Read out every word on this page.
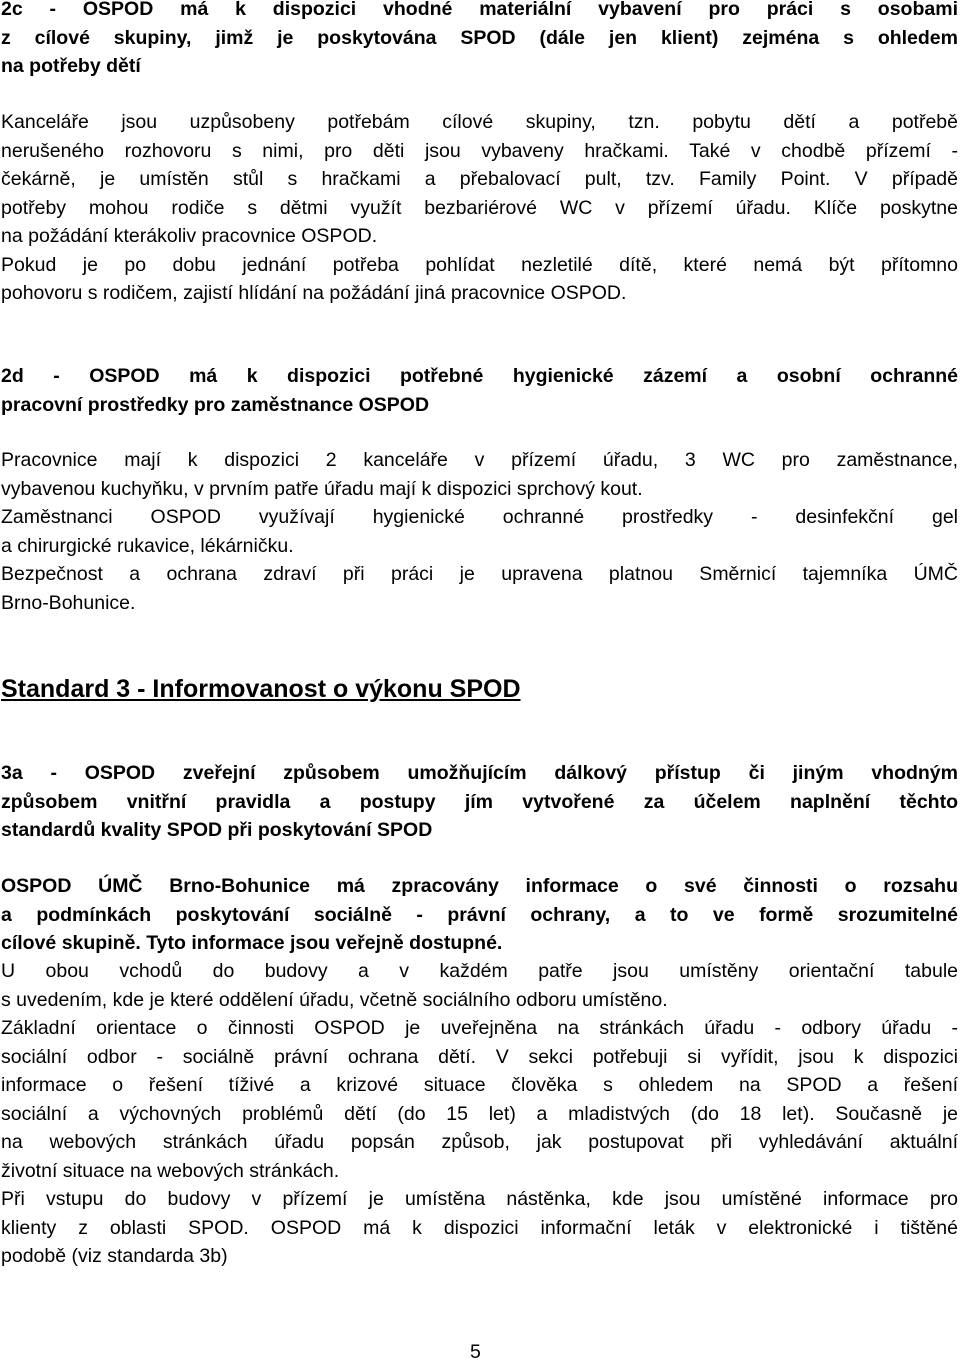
2c - OSPOD má k dispozici vhodné materiální vybavení pro práci s osobami
z cílové skupiny, jimž je poskytována SPOD (dále jen klient) zejména s ohledem
na potřeby dětí
Kanceláře jsou uzpůsobeny potřebám cílové skupiny, tzn. pobytu dětí a potřebě
nerušeného rozhovoru s nimi, pro děti jsou vybaveny hračkami. Také v chodbě přízemí -
čekárně, je umístěn stůl s hračkami a přebalovací pult, tzv. Family Point. V případě
potřeby mohou rodiče s dětmi využít bezbariérové WC v přízemí úřadu. Klíče poskytne
na požádání kterákoliv pracovnice OSPOD.
Pokud je po dobu jednání potřeba pohlídat nezletilé dítě, které nemá být přítomno
pohovoru s rodičem, zajistí hlídání na požádání jiná pracovnice OSPOD.
2d - OSPOD má k dispozici potřebné hygienické zázemí a osobní ochranné
pracovní prostředky pro zaměstnance OSPOD
Pracovnice mají k dispozici 2 kanceláře v přízemí úřadu, 3 WC pro zaměstnance,
vybavenou kuchyňku, v prvním patře úřadu mají k dispozici sprchový kout.
Zaměstnanci OSPOD využívají hygienické ochranné prostředky - desinfekční gel
a chirurgické rukavice, lékárničku.
Bezpečnost a ochrana zdraví při práci je upravena platnou Směrnicí tajemníka ÚMČ
Brno-Bohunice.
Standard 3 - Informovanost o výkonu SPOD
3a - OSPOD zveřejní způsobem umožňujícím dálkový přístup či jiným vhodným
způsobem vnitřní pravidla a postupy jím vytvořené za účelem naplnění těchto
standardů kvality SPOD při poskytování SPOD
OSPOD ÚMČ Brno-Bohunice má zpracovány informace o své činnosti o rozsahu
a podmínkách poskytování sociálně - právní ochrany, a to ve formě srozumitelné
cílové skupině. Tyto informace jsou veřejně dostupné.
U obou vchodů do budovy a v každém patře jsou umístěny orientační tabule
s uvedením, kde je které oddělení úřadu, včetně sociálního odboru umístěno.
Základní orientace o činnosti OSPOD je uveřejněna na stránkách úřadu - odbory úřadu -
sociální odbor - sociálně právní ochrana dětí. V sekci potřebuji si vyřídit, jsou k dispozici
informace o řešení tíživé a krizové situace člověka s ohledem na SPOD a řešení
sociální a výchovných problémů dětí (do 15 let) a mladistvých (do 18 let). Současně je
na webových stránkách úřadu popsán způsob, jak postupovat při vyhledávání aktuální
životní situace na webových stránkách.
Při vstupu do budovy v přízemí je umístěna nástěnka, kde jsou umístěné informace pro
klienty z oblasti SPOD. OSPOD má k dispozici informační leták v elektronické i tištěné
podobě (viz standarda 3b)
5
